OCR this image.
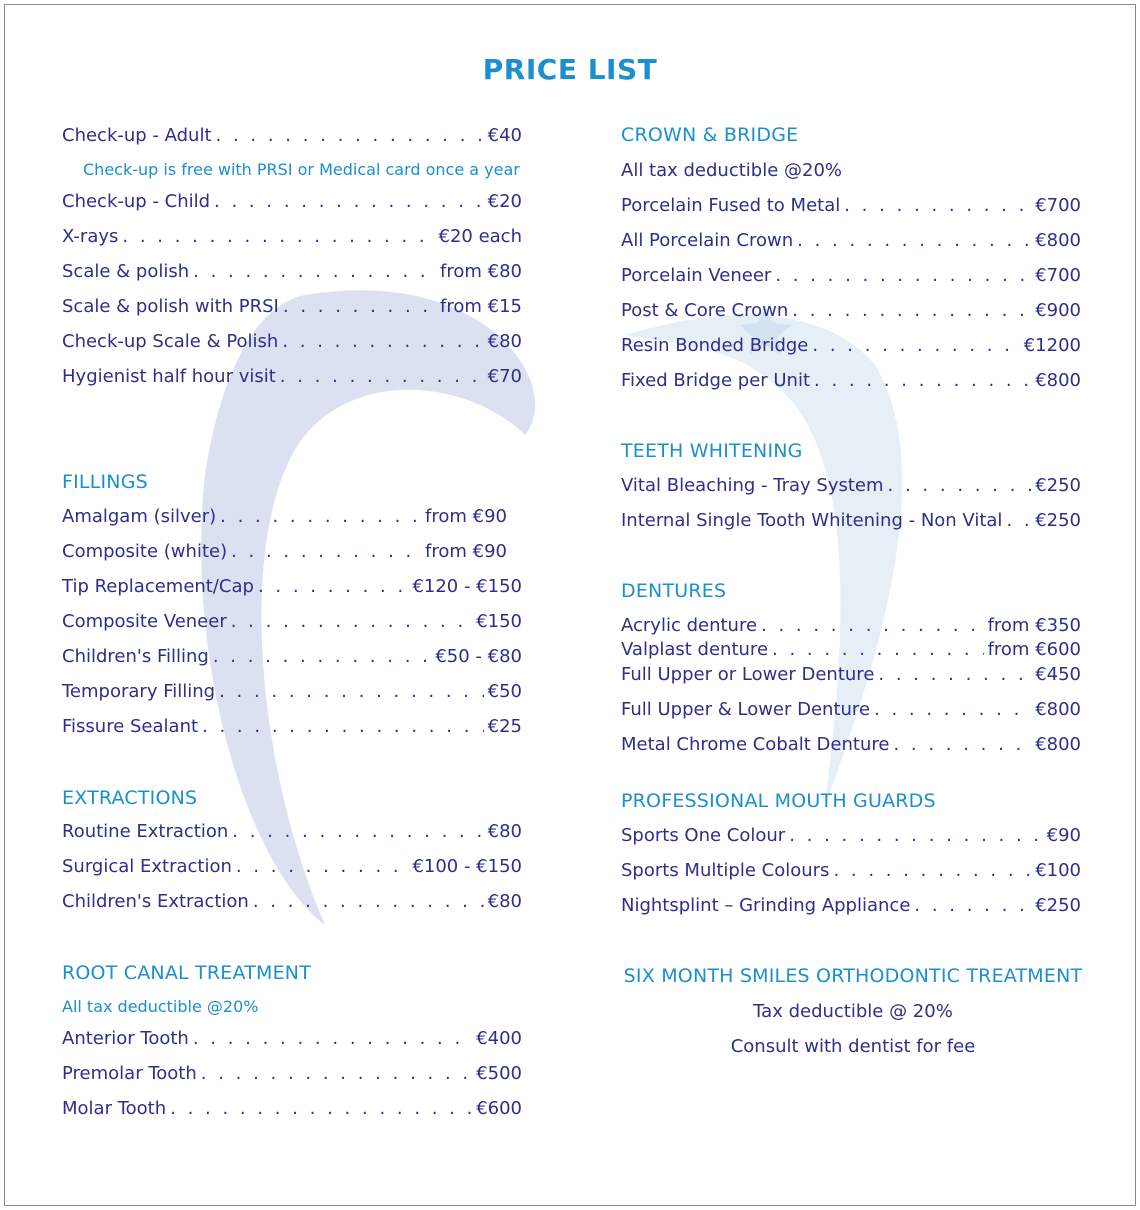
PRICE LIST
Check-up - Adult . . .	€40
Check-up is free with PRSI or Medical card once a year
Check-up - Child . . .	€20
X-rays . . .	€20 each
Scale & polish . . .	from €80
Scale & polish with PRSI . . .	from €15
Check-up Scale & Polish . . .	€80
Hygienist half hour visit . . .	€70
FILLINGS
Amalgam (silver) . . .	from €90
Composite (white) . . .	from €90
Tip Replacement/Cap . . .	€120 - €150
Composite Veneer . . .	€150
Children's Filling . . .	€50 - €80
Temporary Filling . . .	€50
Fissure Sealant . . .	€25
EXTRACTIONS
Routine Extraction . . .	€80
Surgical Extraction . . .	€100 - €150
Children's Extraction . . .	€80
ROOT CANAL TREATMENT
All tax deductible @20%
Anterior Tooth . . .	€400
Premolar Tooth . . .	€500
Molar Tooth . . .	€600
CROWN & BRIDGE
All tax deductible @20%
Porcelain Fused to Metal . . .	€700
All Porcelain Crown . . .	€800
Porcelain Veneer . . .	€700
Post & Core Crown . . .	€900
Resin Bonded Bridge . . .	€1200
Fixed Bridge per Unit . . .	€800
TEETH WHITENING
Vital Bleaching - Tray System . . .	€250
Internal Single Tooth Whitening - Non Vital . . . €250
DENTURES
Acrylic denture . . .	from €350
Valplast denture . . .	from €600
Full Upper or Lower Denture . . .	€450
Full Upper & Lower Denture . . .	€800
Metal Chrome Cobalt Denture . . .	€800
PROFESSIONAL MOUTH GUARDS
Sports One Colour . . .	€90
Sports Multiple Colours . . .	€100
Nightsplint – Grinding Appliance . . .	€250
SIX MONTH SMILES ORTHODONTIC TREATMENT
Tax deductible @ 20%
Consult with dentist for fee
